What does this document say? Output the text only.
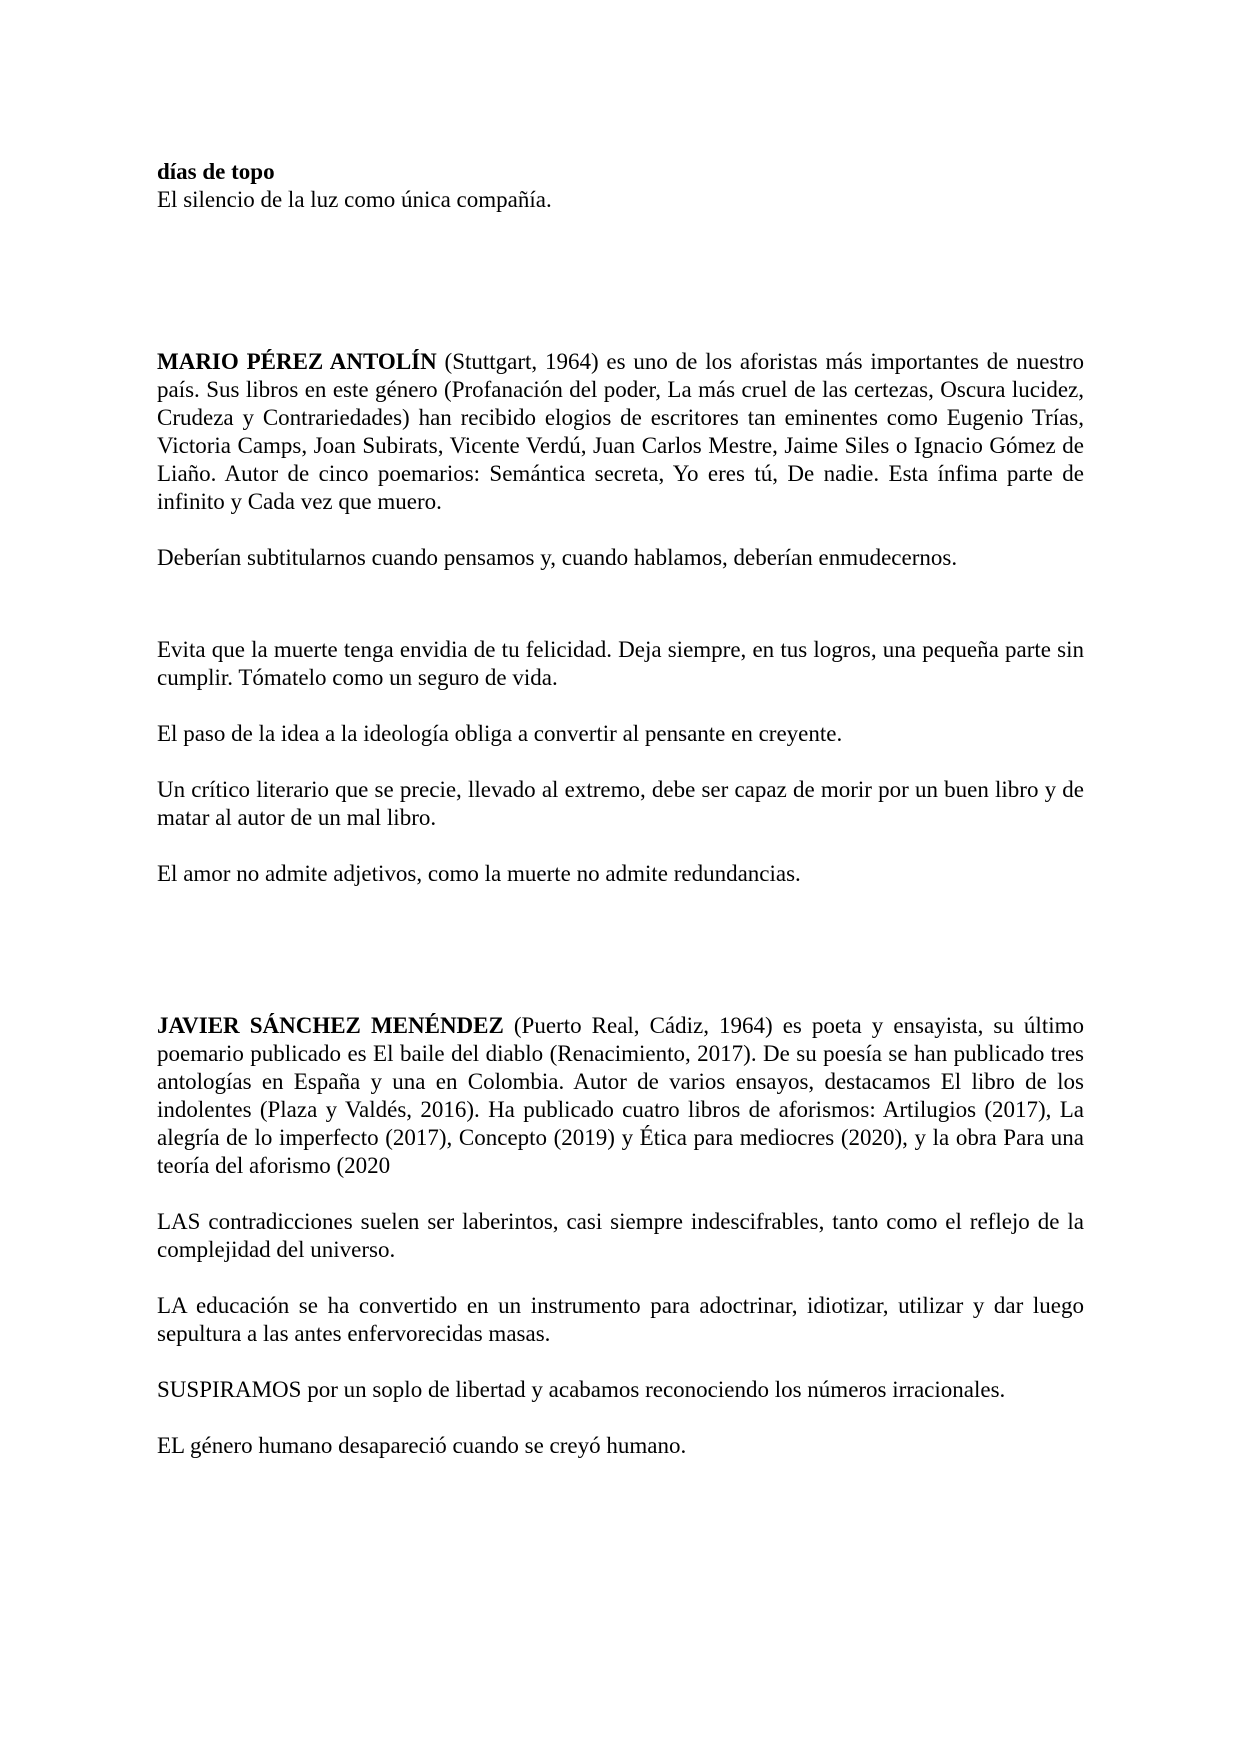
días de topo

El silencio de la luz como única compañía.

MARIO PÉREZ ANTOLÍN (Stuttgart, 1964) es uno de los aforistas más importantes de nuestro país. Sus libros en este género (Profanación del poder, La más cruel de las certezas, Oscura lucidez, Crudeza y Contrariedades) han recibido elogios de escritores tan eminentes como Eugenio Trías, Victoria Camps, Joan Subirats, Vicente Verdú, Juan Carlos Mestre, Jaime Siles o Ignacio Gómez de Liaño. Autor de cinco poemarios: Semántica secreta, Yo eres tú, De nadie. Esta ínfima parte de infinito y Cada vez que muero.

Deberían subtitularnos cuando pensamos y, cuando hablamos, deberían enmudecernos.

Evita que la muerte tenga envidia de tu felicidad. Deja siempre, en tus logros, una pequeña parte sin cumplir. Tómatelo como un seguro de vida.

El paso de la idea a la ideología obliga a convertir al pensante en creyente.

Un crítico literario que se precie, llevado al extremo, debe ser capaz de morir por un buen libro y de matar al autor de un mal libro.

El amor no admite adjetivos, como la muerte no admite redundancias.

JAVIER SÁNCHEZ MENÉNDEZ (Puerto Real, Cádiz, 1964) es poeta y ensayista, su último poemario publicado es El baile del diablo (Renacimiento, 2017). De su poesía se han publicado tres antologías en España y una en Colombia. Autor de varios ensayos, destacamos El libro de los indolentes (Plaza y Valdés, 2016). Ha publicado cuatro libros de aforismos: Artilugios (2017), La alegría de lo imperfecto (2017), Concepto (2019) y Ética para mediocres (2020), y la obra Para una teoría del aforismo (2020

LAS contradicciones suelen ser laberintos, casi siempre indescifrables, tanto como el reflejo de la complejidad del universo.

LA educación se ha convertido en un instrumento para adoctrinar, idiotizar, utilizar y dar luego sepultura a las antes enfervorecidas masas.

SUSPIRAMOS por un soplo de libertad y acabamos reconociendo los números irracionales.

EL género humano desapareció cuando se creyó humano.
